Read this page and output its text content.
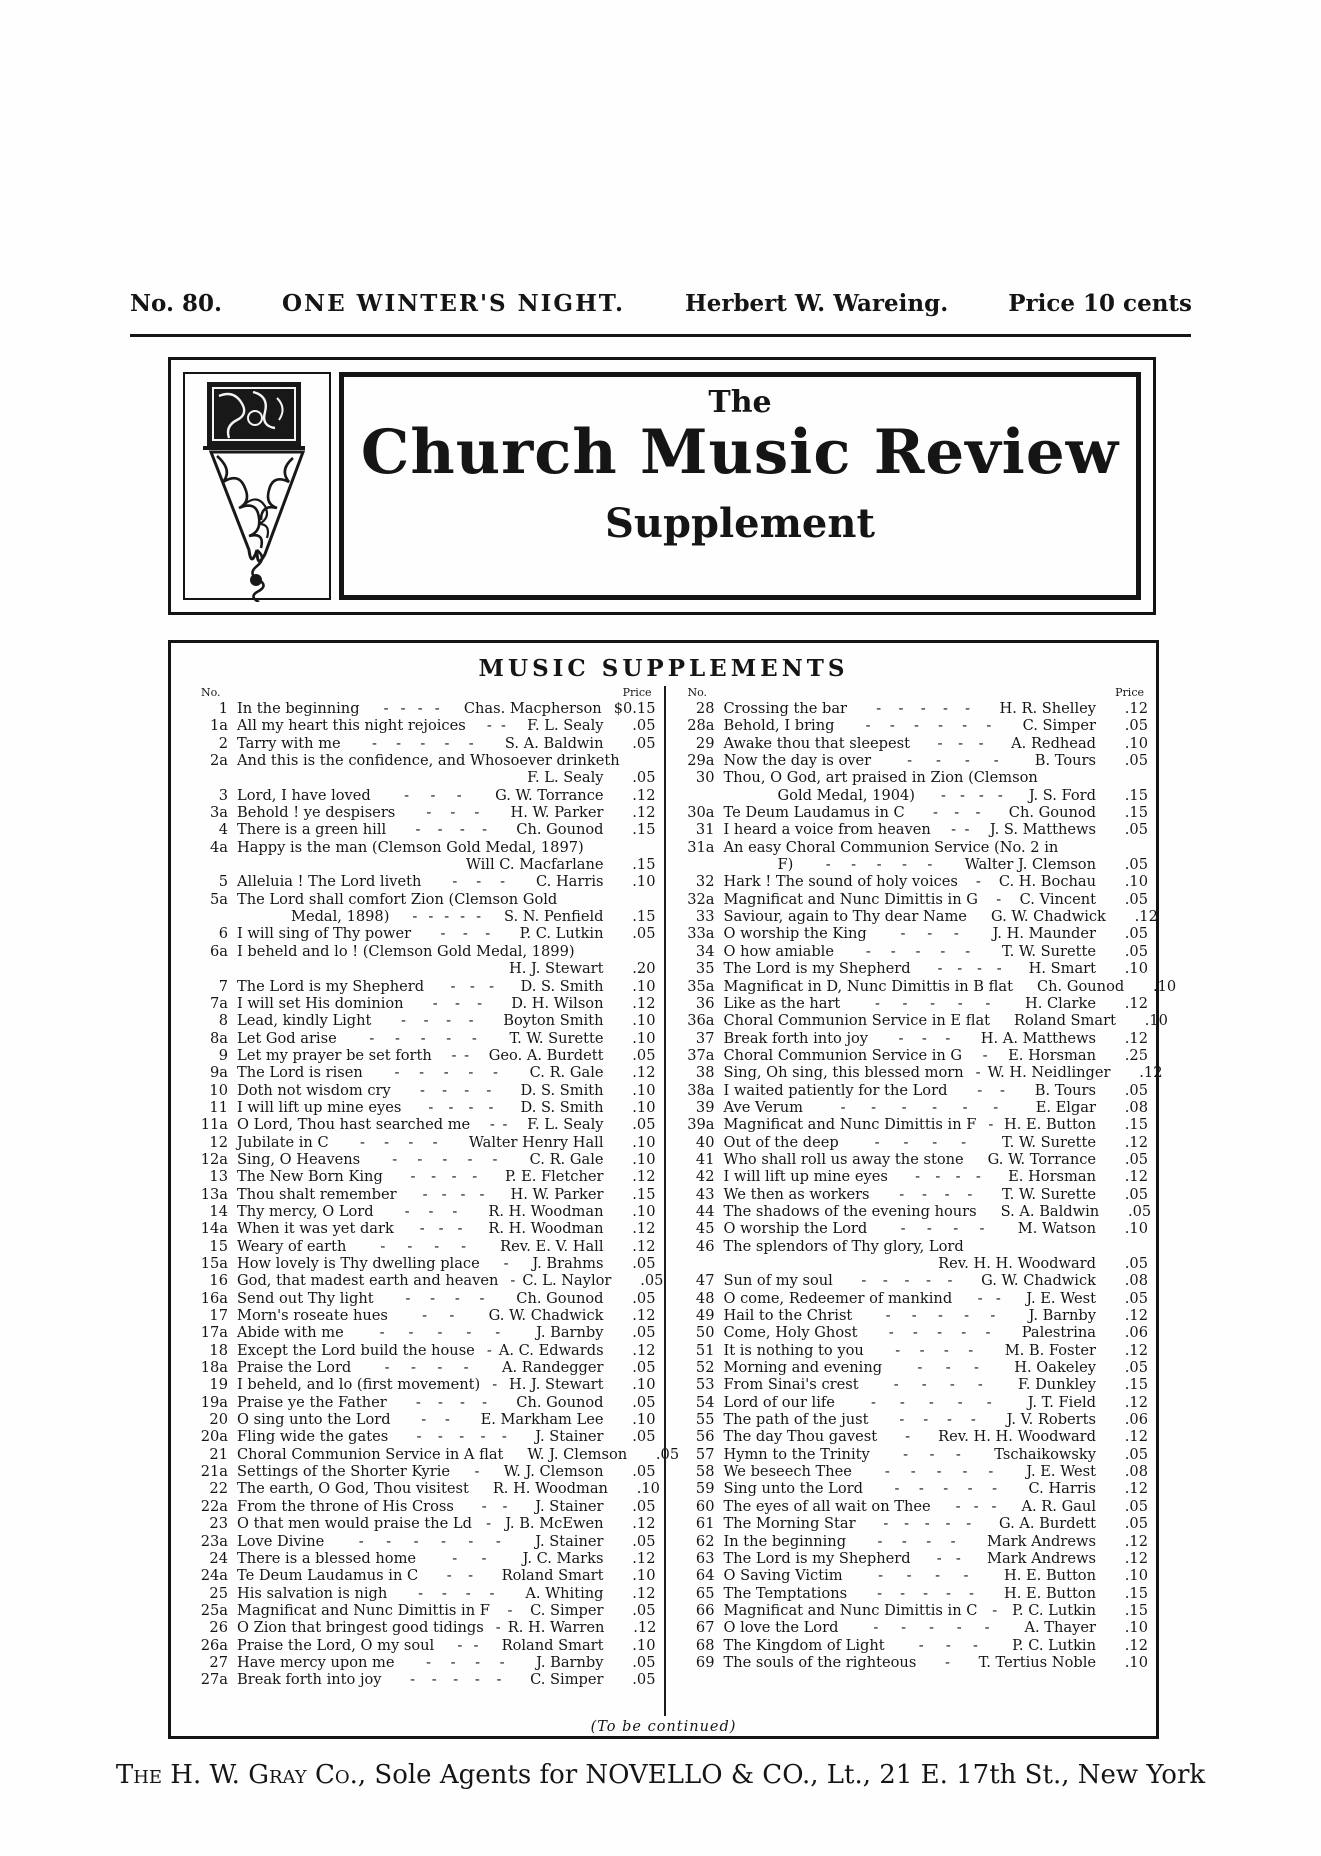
No. 80.	ONE WINTER'S NIGHT.	Herbert W. Wareing.	Price 10 cents
The
Church Music Review
Supplement
MUSIC SUPPLEMENTS
No.	Price
1 In the beginning - - - - Chas. Macpherson $0.15
1a All my heart this night rejoices - - F. L. Sealy	.05
2 Tarry with me - - - - - S. A. Baldwin	.05
2a And this is the confidence, and Whosoever drinketh
F. L. Sealy	.05
3 Lord, I have loved - - - G. W. Torrance	.12
3a Behold ! ye despisers - - - H. W. Parker	.12
4 There is a green hill - - - - Ch. Gounod	.15
4a Happy is the man (Clemson Gold Medal, 1897)
Will C. Macfarlane	.15
5 Alleluia ! The Lord liveth - - - C. Harris	.10
5a The Lord shall comfort Zion (Clemson Gold
Medal, 1898) - - - - - S. N. Penfield	.15
6 I will sing of Thy power - - - P. C. Lutkin	.05
6a I beheld and lo ! (Clemson Gold Medal, 1899)
H. J. Stewart	.20
7 The Lord is my Shepherd - - - D. S. Smith	.10
7a I will set His dominion - - - D. H. Wilson	.12
8 Lead, kindly Light - - - - Boyton Smith	.10
8a Let God arise - - - - - T. W. Surette	.10
9 Let my prayer be set forth - - Geo. A. Burdett	.05
9a The Lord is risen - - - - - C. R. Gale	.12
10 Doth not wisdom cry - - - - D. S. Smith	.10
11 I will lift up mine eyes - - - - D. S. Smith	.10
11a O Lord, Thou hast searched me - - F. L. Sealy	.05
12 Jubilate in C - - - - Walter Henry Hall	.10
12a Sing, O Heavens - - - - - C. R. Gale	.10
13 The New Born King - - - - P. E. Fletcher	.12
13a Thou shalt remember - - - - H. W. Parker	.15
14 Thy mercy, O Lord - - - R. H. Woodman	.10
14a When it was yet dark - - - R. H. Woodman	.12
15 Weary of earth - - - - Rev. E. V. Hall	.12
15a How lovely is Thy dwelling place - J. Brahms	.05
16 God, that madest earth and heaven - C. L. Naylor	.05
16a Send out Thy light - - - - Ch. Gounod	.05
17 Morn's roseate hues - - G. W. Chadwick	.12
17a Abide with me - - - - - J. Barnby	.05
18 Except the Lord build the house - A. C. Edwards	.12
18a Praise the Lord - - - - A. Randegger	.05
19 I beheld, and lo (first movement) - H. J. Stewart	.10
19a Praise ye the Father - - - - Ch. Gounod	.05
20 O sing unto the Lord - - E. Markham Lee	.10
20a Fling wide the gates - - - - - J. Stainer	.05
21 Choral Communion Service in A flat W. J. Clemson	.05
21a Settings of the Shorter Kyrie - W. J. Clemson	.05
22 The earth, O God, Thou visitest R. H. Woodman	.10
22a From the throne of His Cross - - J. Stainer	.05
23 O that men would praise the Ld - J. B. McEwen	.12
23a Love Divine - - - - - - J. Stainer	.05
24 There is a blessed home - - J. C. Marks	.12
24a Te Deum Laudamus in C - - Roland Smart	.10
25 His salvation is nigh - - - - A. Whiting	.12
25a Magnificat and Nunc Dimittis in F - C. Simper	.05
26 O Zion that bringest good tidings - R. H. Warren	.12
26a Praise the Lord, O my soul - - Roland Smart	.10
27 Have mercy upon me - - - - J. Barnby	.05
27a Break forth into joy - - - - - C. Simper	.05
No.	Price
28 Crossing the bar - - - - - H. R. Shelley	.12
28a Behold, I bring - - - - - - C. Simper	.05
29 Awake thou that sleepest - - - A. Redhead	.10
29a Now the day is over - - - - B. Tours	.05
30 Thou, O God, art praised in Zion (Clemson
Gold Medal, 1904) - - - - J. S. Ford	.15
30a Te Deum Laudamus in C - - - Ch. Gounod	.15
31 I heard a voice from heaven - - J. S. Matthews	.05
31a An easy Choral Communion Service (No. 2 in
F) - - - - - Walter J. Clemson	.05
32 Hark ! The sound of holy voices - C. H. Bochau	.10
32a Magnificat and Nunc Dimittis in G - C. Vincent	.05
33 Saviour, again to Thy dear Name G. W. Chadwick	.12
33a O worship the King - - - J. H. Maunder	.05
34 O how amiable - - - - - T. W. Surette	.05
35 The Lord is my Shepherd - - - - H. Smart	.10
35a Magnificat in D, Nunc Dimittis in B flat Ch. Gounod	.10
36 Like as the hart - - - - - H. Clarke	.12
36a Choral Communion Service in E flat Roland Smart	.10
37 Break forth into joy - - - H. A. Matthews	.12
37a Choral Communion Service in G - E. Horsman	.25
38 Sing, Oh sing, this blessed morn - W. H. Neidlinger	.12
38a I waited patiently for the Lord - - B. Tours	.05
39 Ave Verum	- - - - - -	E. Elgar	.08
39a Magnificat and Nunc Dimittis in F - H. E. Button	.15
40 Out of the deep - - - - T. W. Surette	.12
41 Who shall roll us away the stone G. W. Torrance	.05
42 I will lift up mine eyes - - - - E. Horsman	.12
43 We then as workers - - - - T. W. Surette	.05
44 The shadows of the evening hours S. A. Baldwin	.05
45 O worship the Lord - - - - M. Watson	.10
46 The splendors of Thy glory, Lord
Rev. H. H. Woodward	.05
47 Sun of my soul - - - - - G. W. Chadwick	.08
48 O come, Redeemer of mankind - - J. E. West	.05
49 Hail to the Christ - - - - - J. Barnby	.12
50 Come, Holy Ghost - - - - - Palestrina	.06
51 It is nothing to you - - - - M. B. Foster	.12
52 Morning and evening - - - H. Oakeley	.05
53 From Sinai's crest - - - - F. Dunkley	.15
54 Lord of our life - - - - - J. T. Field	.12
55 The path of the just - - - - J. V. Roberts	.06
56 The day Thou gavest - Rev. H. H. Woodward	.12
57 Hymn to the Trinity - - - Tschaikowsky	.05
58 We beseech Thee - - - - - J. E. West	.08
59 Sing unto the Lord - - - - - C. Harris	.12
60 The eyes of all wait on Thee - - - A. R. Gaul	.05
61 The Morning Star - - - - - G. A. Burdett	.05
62 In the beginning - - - - Mark Andrews	.12
63 The Lord is my Shepherd - - Mark Andrews	.12
64 O Saving Victim - - - - H. E. Button	.10
65 The Temptations - - - - - H. E. Button	.15
66 Magnificat and Nunc Dimittis in C - P. C. Lutkin	.15
67 O love the Lord - - - - - A. Thayer	.10
68 The Kingdom of Light - - - P. C. Lutkin	.12
69 The souls of the righteous - T. Tertius Noble	.10
(To be continued)
The H. W. Gray Co., Sole Agents for NOVELLO & CO., Lt., 21 E. 17th St., New York
